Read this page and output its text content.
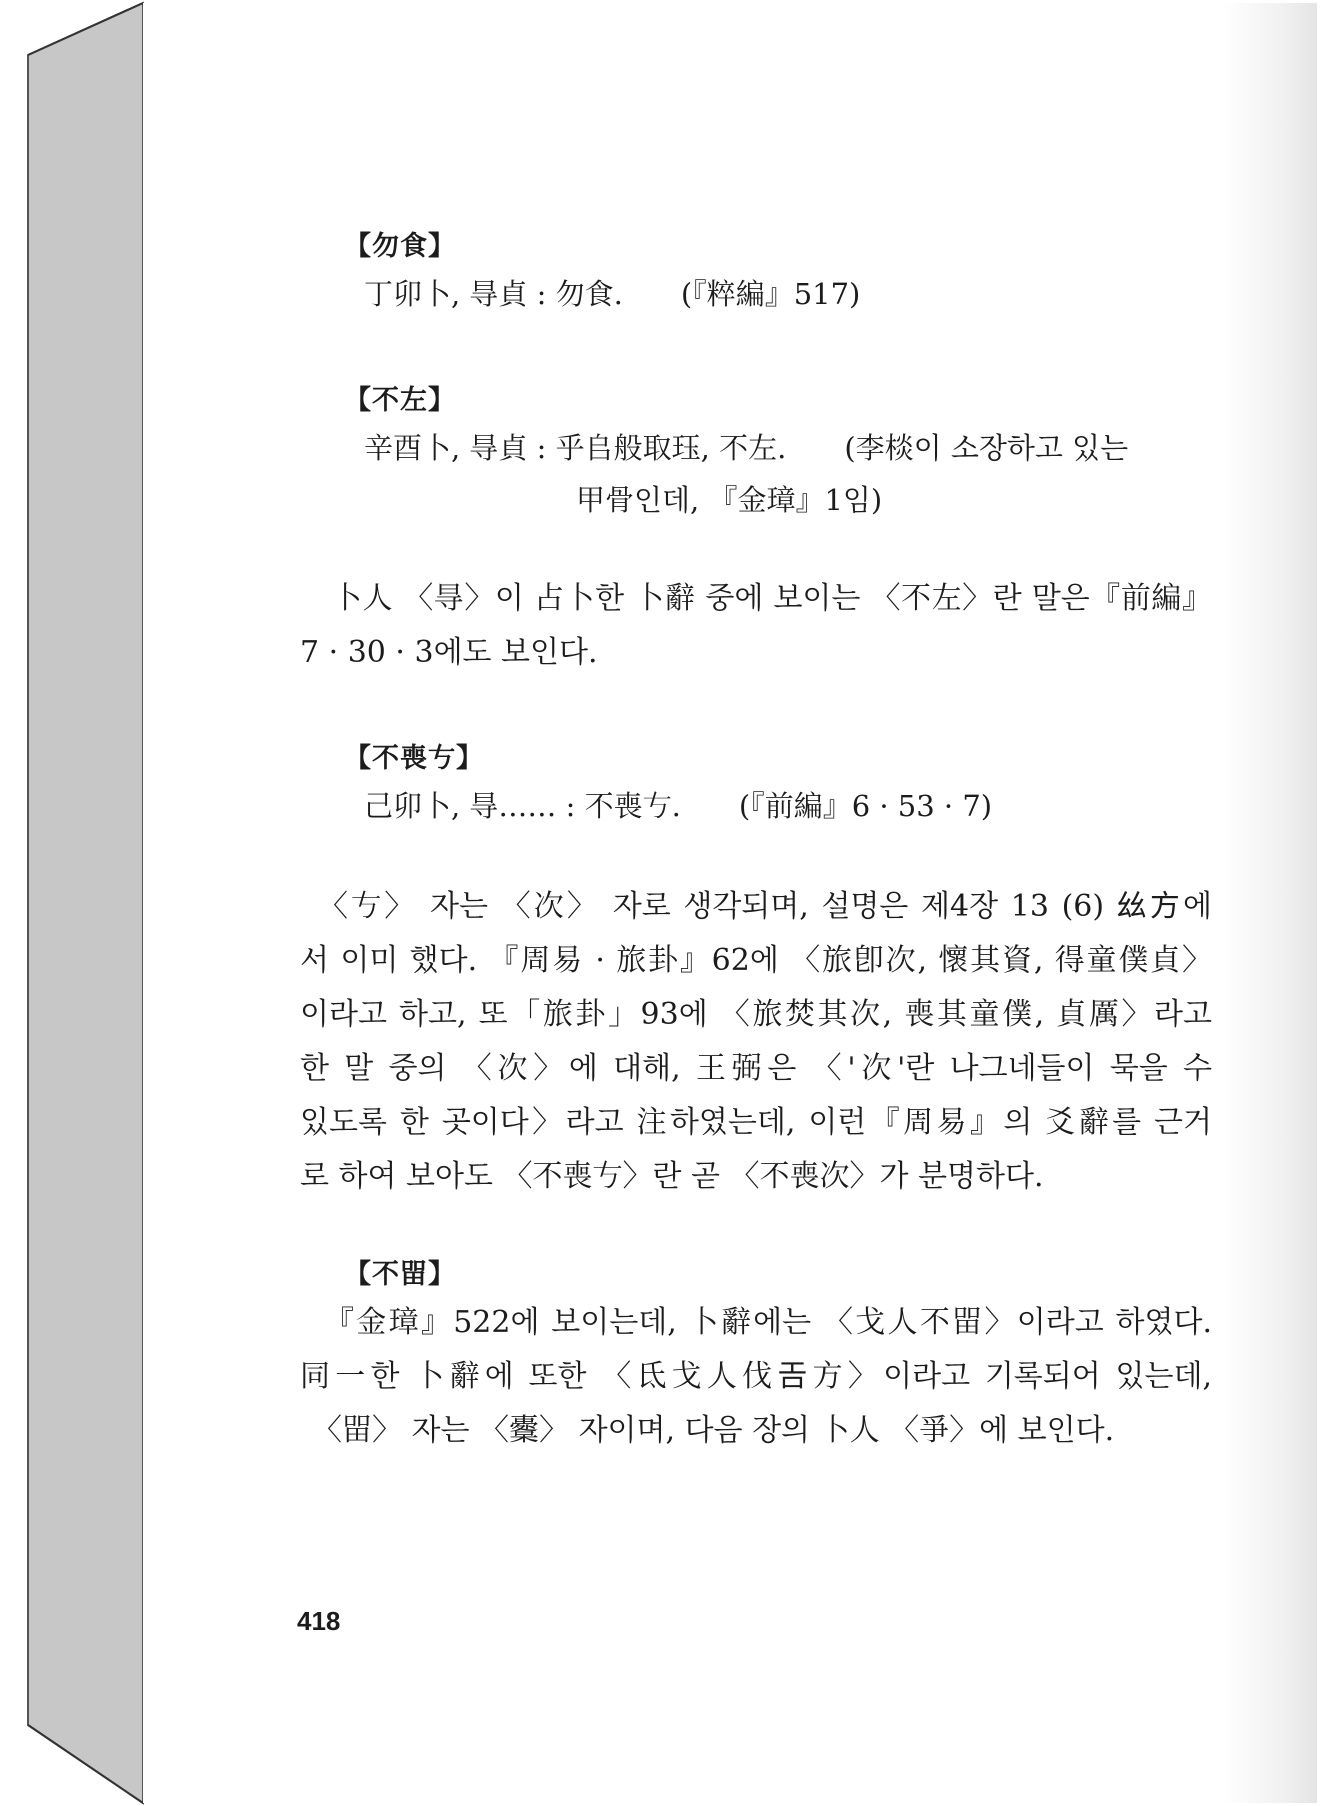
【勿食】
丁卯卜, 㝵貞 : 勿食. (『粹編』517)
【不左】
辛酉卜, 㝵貞 : 乎𠂤般取珏, 不左. (李棪이 소장하고 있는
甲骨인데, 『金璋』1임)
卜人 〈㝵〉이 占卜한 卜辭 중에 보이는 〈不左〉란 말은『前編』
7 · 30 · 3에도 보인다.
【不喪𠀁】
己卯卜, 㝵…… : 不喪𠀁. (『前編』6 · 53 · 7)
〈𠀁〉 자는 〈次〉 자로 생각되며, 설명은 제4장 13 (6) 𢆶方에
서 이미 했다. 『周易 · 旅卦』62에 〈旅卽次, 懷其資, 得童僕貞〉
이라고 하고, 또「旅卦」93에 〈旅焚其次, 喪其童僕, 貞厲〉라고
한 말 중의 〈次〉에 대해, 王弼은 〈'次'란 나그네들이 묵을 수
있도록 한 곳이다〉라고 注하였는데, 이런『周易』의 爻辭를 근거
로 하여 보아도 〈不喪𠀁〉란 곧 〈不喪次〉가 분명하다.
【不㽞】
『金璋』522에 보이는데, 卜辭에는 〈戈人不㽞〉이라고 하였다.
同一한 卜辭에 또한 〈氐戈人伐𢀛方〉이라고 기록되어 있는데,
〈㽞〉 자는 〈櫜〉 자이며, 다음 장의 卜人 〈爭〉에 보인다.
418
